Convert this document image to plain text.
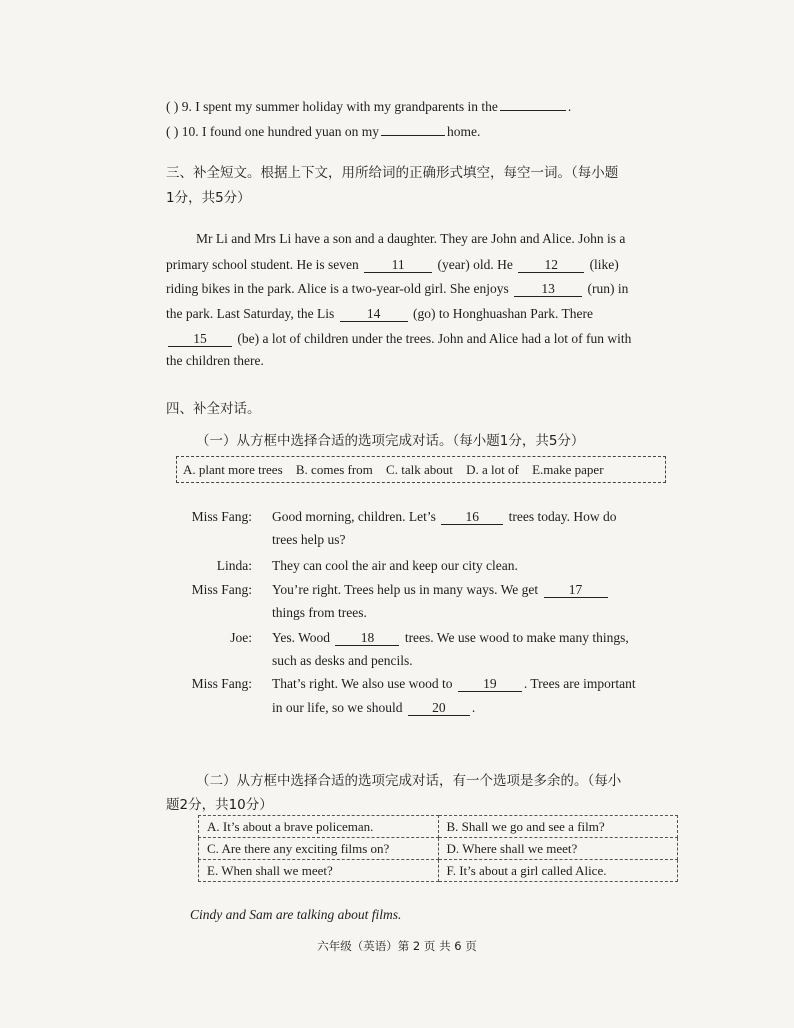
( ) 9. I spent my summer holiday with my grandparents in the	.
( ) 10. I found one hundred yuan on my	home.
三、补全短文。根据上下文，用所给词的正确形式填空，每空一词。（每小题
1分，共5分）
Mr Li and Mrs Li have a son and a daughter. They are John and Alice. John is a
primary school student. He is seven 11 (year) old. He 12 (like)
riding bikes in the park. Alice is a two-year-old girl. She enjoys 13 (run) in
the park. Last Saturday, the Lis 14 (go) to Honghuashan Park. There
15 (be) a lot of children under the trees. John and Alice had a lot of fun with
the children there.
四、补全对话。
（一）从方框中选择合适的选项完成对话。（每小题1分，共5分）
A. plant more trees B. comes from C. talk about D. a lot of E.make paper
Miss Fang: Good morning, children. Let’s 16 trees today. How do
trees help us?
Linda: They can cool the air and keep our city clean.
Miss Fang: You’re right. Trees help us in many ways. We get 17
things from trees.
Joe: Yes. Wood 18 trees. We use wood to make many things,
such as desks and pencils.
Miss Fang: That’s right. We also use wood to 19 . Trees are important
in our life, so we should 20 .
（二）从方框中选择合适的选项完成对话，有一个选项是多余的。（每小
题2分，共10分）
A. It’s about a brave policeman.	B. Shall we go and see a film?
C. Are there any exciting films on?	D. Where shall we meet?
E. When shall we meet?	F. It’s about a girl called Alice.
Cindy and Sam are talking about films.
六年级（英语）第 2 页 共 6 页
